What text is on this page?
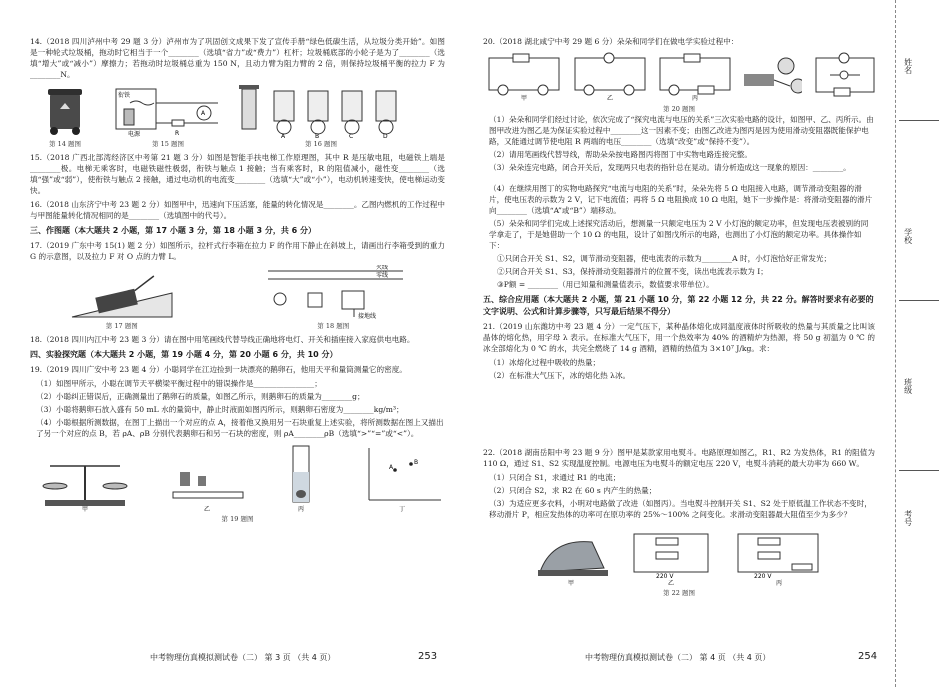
14.（2018 四川泸州中考 29 题 3 分）泸州市为了巩固创文成果下发了宣传手册“绿色低碳生活，从垃圾分类开始”。如图是一种轮式垃圾桶，拖动时它相当于一个________（选填“省力”或“费力”）杠杆；垃圾桶底部的小轮子是为了________（选填“增大”或“减小”）摩擦力；若拖动时垃圾桶总重为 150 N，且动力臂为阻力臂的 2 倍，则保持垃圾桶平衡的拉力 F 为________N。

第 14 题图
衔铁
A
R
电源
第 15 题图
A	B	C	D
第 16 题图

15.（2018 广西北部湾经济区中考第 21 题 3 分）如图是智能手扶电梯工作原理图，其中 R 是压敏电阻，电磁铁上端是________极。电梯无乘客时，电磁铁磁性极弱，衔铁与触点 1 接触；当有乘客时，R 的阻值减小，磁性变________（选填“强”或“弱”），使衔铁与触点 2 接触，通过电动机的电流变________（选填“大”或“小”），电动机转速变快，使电梯运动变快。

16.（2018 山东济宁中考 23 题 2 分）如图甲中，迅速向下压活塞，能量的转化情况是________。乙图内燃机的工作过程中与甲图能量转化情况相同的是________（选填图中的代号）。

三、作图题（本大题共 2 小题，第 17 小题 3 分，第 18 小题 3 分，共 6 分）

17.（2019 广东中考 15(1) 题 2 分）如图所示，拉杆式行李箱在拉力 F 的作用下静止在斜坡上，请画出行李箱受到的重力 G 的示意图，以及拉力 F 对 O 点的力臂 L。

第 17 题图
火线
零线
接地线
第 18 题图

18.（2018 四川内江中考 23 题 3 分）请在图中用笔画线代替导线正确地将电灯、开关和插座接入家庭供电电路。

四、实验探究题（本大题共 2 小题，第 19 小题 4 分，第 20 小题 6 分，共 10 分）

19.（2019 四川广安中考 23 题 4 分）小聪同学在江边捡到一块漂亮的鹅卵石，他用天平和量筒测量它的密度。

（1）如图甲所示，小聪在调节天平横梁平衡过程中的错误操作是________________；

（2）小聪纠正错误后，正确测量出了鹅卵石的质量，如图乙所示，则鹅卵石的质量为________g；

（3）小聪将鹅卵石放入盛有 50 mL 水的量筒中，静止时液面如图丙所示，则鹅卵石密度为________kg/m³；

（4）小聪根据所测数据，在图丁上描出一个对应的点 A，接着他又换用另一石块重复上述实验，将所测数据在图上又描出了另一个对应的点 B，若 ρA、ρB 分别代表鹅卵石和另一石块的密度，则 ρA________ρB（选填“>”“=”或“<”）。

甲	乙	丙
A
B
丁
第 19 题图
中考物理仿真模拟测试卷（二） 第 3 页 （共 4 页）	253

20.（2018 湖北咸宁中考 29 题 6 分）朵朵和同学们在做电学实验过程中：

甲	乙	丙
第 20 题图

（1）朵朵和同学们经过讨论，依次完成了“探究电流与电压的关系”三次实验电路的设计，如图甲、乙、丙所示。由图甲改进为图乙是为保证实验过程中________这一因素不变；由图乙改进为图丙是因为使用滑动变阻器既能保护电路，又能通过调节使电阻 R 两端的电压________（选填“改变”或“保持不变”）。

（2）请用笔画线代替导线，帮助朵朵按电路图丙将图丁中实物电路连接完整。

（3）朵朵连完电路，闭合开关后，发现两只电表的指针总在晃动。请分析造成这一现象的原因：________。

（4）在继续用图丁的实物电路探究“电流与电阻的关系”时，朵朵先将 5 Ω 电阻接入电路，调节滑动变阻器的滑片，使电压表的示数为 2 V，记下电流值；再将 5 Ω 电阻换成 10 Ω 电阻，她下一步操作是：将滑动变阻器的滑片向________（选填“A”或“B”）端移动。

（5）朵朵和同学们完成上述探究活动后，想测量一只额定电压为 2 V 小灯泡的额定功率，但发现电压表被别的同学拿走了，于是她借助一个 10 Ω 的电阻，设计了如图戊所示的电路，也测出了小灯泡的额定功率。具体操作如下：

①只闭合开关 S1、S2，调节滑动变阻器，使电流表的示数为________A 时，小灯泡恰好正常发光；

②只闭合开关 S1、S3，保持滑动变阻器滑片的位置不变，读出电流表示数为 I；

③P额 = ________（用已知量和测量值表示，数值要求带单位）。

五、综合应用题（本大题共 2 小题，第 21 小题 10 分，第 22 小题 12 分，共 22 分。解答时要求有必要的文字说明、公式和计算步骤等，只写最后结果不得分）

21.（2019 山东潍坊中考 23 题 4 分）一定气压下，某种晶体熔化成同温度液体时所吸收的热量与其质量之比叫该晶体的熔化热，用字母 λ 表示。在标准大气压下，用一个热效率为 40% 的酒精炉为热源，将 50 g 初温为 0 ℃ 的冰全部熔化为 0 ℃ 的水，共完全燃烧了 14 g 酒精，酒精的热值为 3×10⁷ J/kg。求：

（1）冰熔化过程中吸收的热量；

（2）在标准大气压下，冰的熔化热 λ冰。

22.（2018 湖南岳阳中考 23 题 9 分）图甲是某款家用电熨斗。电路原理如图乙，R1、R2 为发热体，R1 的阻值为 110 Ω，通过 S1、S2 实现温度控制。电源电压为电熨斗的额定电压 220 V，电熨斗消耗的最大功率为 660 W。

（1）只闭合 S1，求通过 R1 的电流；

（2）只闭合 S2，求 R2 在 60 s 内产生的热量；

（3）为适应更多衣料，小明对电路做了改进（如图丙）。当电熨斗控制开关 S1、S2 处于原低温工作状态不变时，移动滑片 P，相应发热体的功率可在原功率的 25%～100% 之间变化。求滑动变阻器最大阻值至少为多少？

甲
220 V
乙
220 V
丙
第 22 题图
中考物理仿真模拟测试卷（二） 第 4 页 （共 4 页）	254
姓名
学校
班级
考号
